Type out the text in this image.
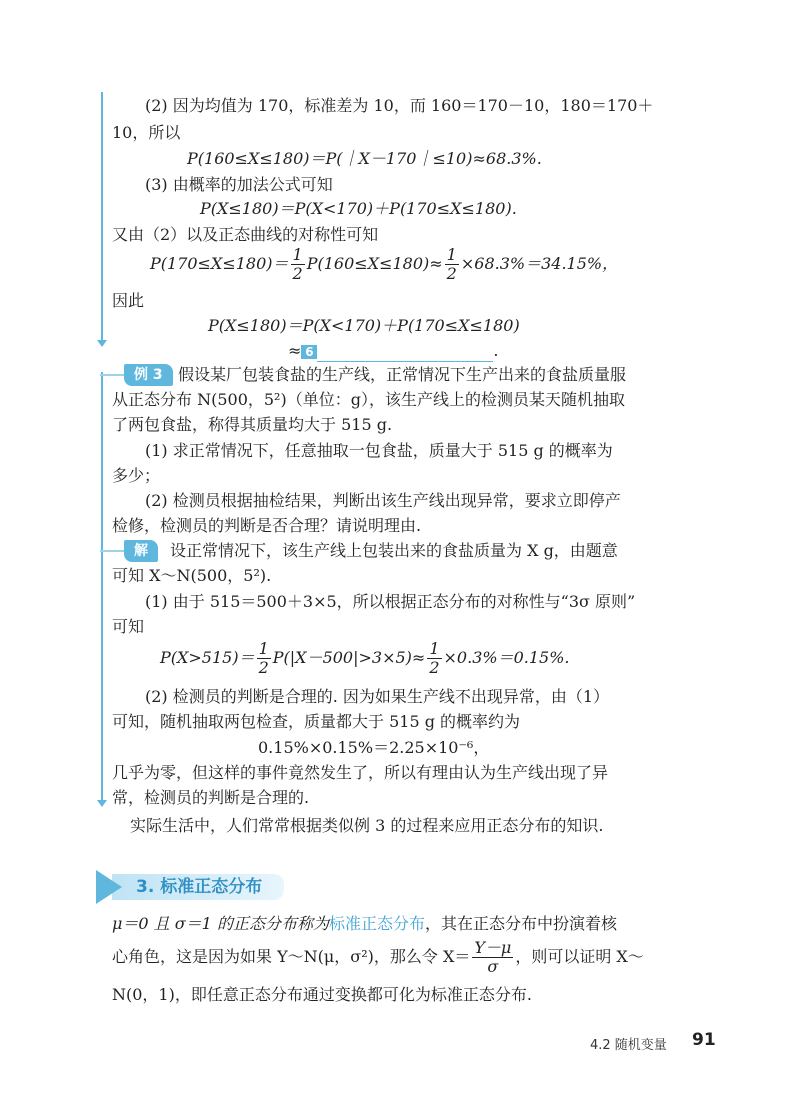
(2) 因为均值为 170，标准差为 10，而 160＝170－10，180＝170＋
10，所以
P(160≤X≤180)＝P(｜X－170｜≤10)≈68.3%.
(3) 由概率的加法公式可知
P(X≤180)＝P(X<170)＋P(170≤X≤180).
又由（2）以及正态曲线的对称性可知
$P(170\le X\le 180)= \frac{1}{2} P(160\le X\le 180)\approx \frac{1}{2} \times 68.3\%=34.15\%$，
因此
P(X≤180)＝P(X<170)＋P(170≤X≤180)
≈ 6	.
例 3 假设某厂包装食盐的生产线，正常情况下生产出来的食盐质量服
从正态分布 N(500，5²)（单位：g），该生产线上的检测员某天随机抽取
了两包食盐，称得其质量均大于 515 g.
(1) 求正常情况下，任意抽取一包食盐，质量大于 515 g 的概率为
多少；
(2) 检测员根据抽检结果，判断出该生产线出现异常，要求立即停产
检修，检测员的判断是否合理？请说明理由.
解	设正常情况下，该生产线上包装出来的食盐质量为 X g，由题意
可知 X～N(500，5²).
(1) 由于 515＝500＋3×5，所以根据正态分布的对称性与“3σ 原则”
可知
$P(X>515)= \frac{1}{2} P(|X-500|>3\times 5)\approx \frac{1}{2} \times 0.3\%=0.15\%$.
(2) 检测员的判断是合理的. 因为如果生产线不出现异常，由（1）
可知，随机抽取两包检查，质量都大于 515 g 的概率约为
0.15%×0.15%＝2.25×10⁻⁶，
几乎为零，但这样的事件竟然发生了，所以有理由认为生产线出现了异
常，检测员的判断是合理的.
实际生活中，人们常常根据类似例 3 的过程来应用正态分布的知识.
3. 标准正态分布
μ＝0 且 σ＝1 的正态分布称为标准正态分布，其在正态分布中扮演着核
心角色，这是因为如果 Y～N(μ，σ²)，那么令 $X= \frac{Y-\mu}{\sigma}$ ，则可以证明 X～
N(0，1)，即任意正态分布通过变换都可化为标准正态分布.
4.2 随机变量 91
